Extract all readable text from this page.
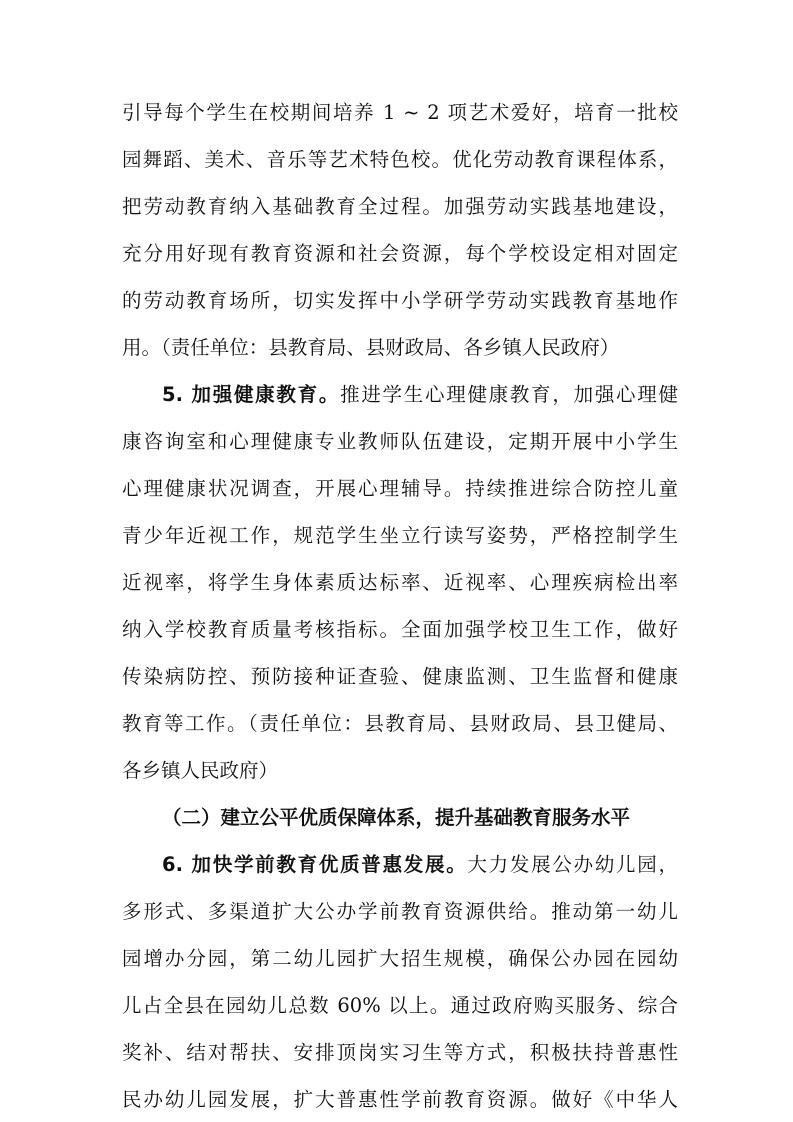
引导每个学生在校期间培养 1 ~ 2 项艺术爱好，培育一批校
园舞蹈、美术、音乐等艺术特色校。优化劳动教育课程体系，
把劳动教育纳入基础教育全过程。加强劳动实践基地建设，
充分用好现有教育资源和社会资源，每个学校设定相对固定
的劳动教育场所，切实发挥中小学研学劳动实践教育基地作
用。（责任单位：县教育局、县财政局、各乡镇人民政府）
5. 加强健康教育。推进学生心理健康教育，加强心理健
康咨询室和心理健康专业教师队伍建设，定期开展中小学生
心理健康状况调查，开展心理辅导。持续推进综合防控儿童
青少年近视工作，规范学生坐立行读写姿势，严格控制学生
近视率，将学生身体素质达标率、近视率、心理疾病检出率
纳入学校教育质量考核指标。全面加强学校卫生工作，做好
传染病防控、预防接种证查验、健康监测、卫生监督和健康
教育等工作。（责任单位：县教育局、县财政局、县卫健局、
各乡镇人民政府）
（二）建立公平优质保障体系，提升基础教育服务水平
6. 加快学前教育优质普惠发展。大力发展公办幼儿园，
多形式、多渠道扩大公办学前教育资源供给。推动第一幼儿
园增办分园，第二幼儿园扩大招生规模，确保公办园在园幼
儿占全县在园幼儿总数 60% 以上。通过政府购买服务、综合
奖补、结对帮扶、安排顶岗实习生等方式，积极扶持普惠性
民办幼儿园发展，扩大普惠性学前教育资源。做好《中华人
